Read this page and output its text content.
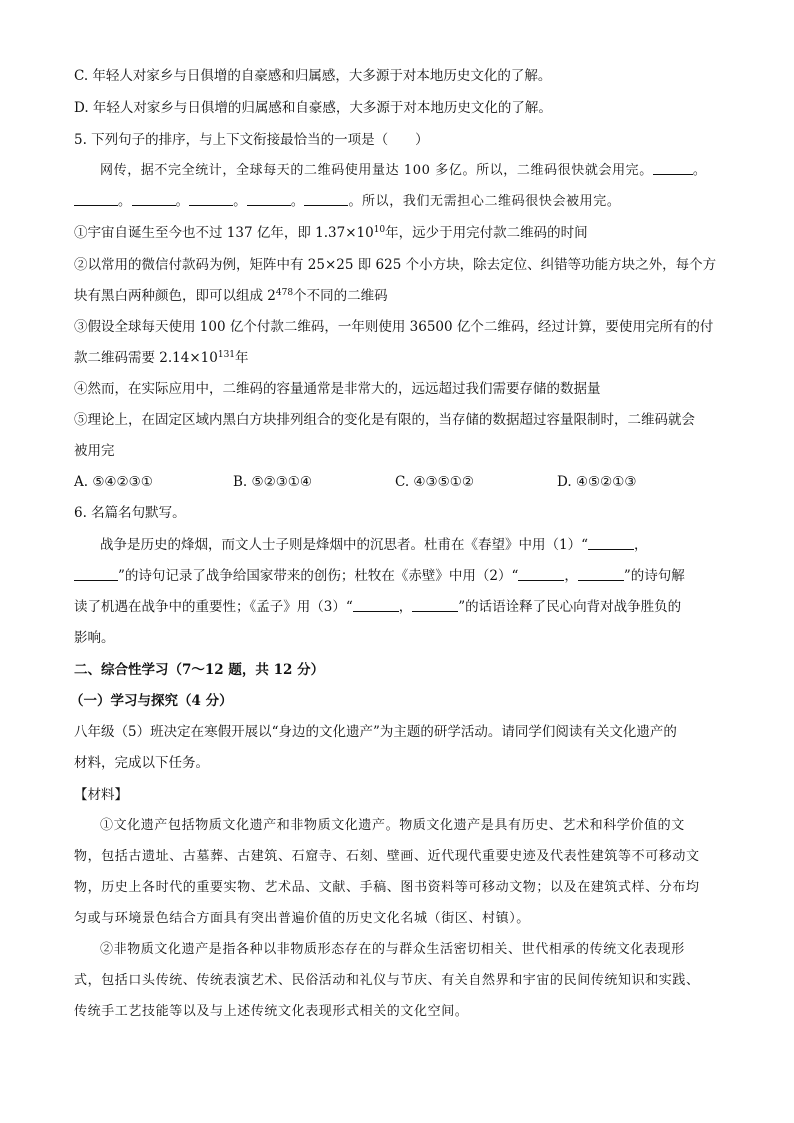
C. 年轻人对家乡与日俱增的自豪感和归属感，大多源于对本地历史文化的了解。
D. 年轻人对家乡与日俱增的归属感和自豪感，大多源于对本地历史文化的了解。
5. 下列句子的排序，与上下文衔接最恰当的一项是（　　）
网传，据不完全统计，全球每天的二维码使用量达 100 多亿。所以，二维码很快就会用完。	。
。	。	。	。	。所以，我们无需担心二维码很快会被用完。
①宇宙自诞生至今也不过 137 亿年，即 $1.37\times 10^{10}$年，远少于用完付款二维码的时间
②以常用的微信付款码为例，矩阵中有 25×25 即 625 个小方块，除去定位、纠错等功能方块之外，每个方
块有黑白两种颜色，即可以组成 $2^{478}$个不同的二维码
③假设全球每天使用 100 亿个付款二维码，一年则使用 36500 亿个二维码，经过计算，要使用完所有的付
款二维码需要 $2.14\times 10^{131}$年
④然而，在实际应用中，二维码的容量通常是非常大的，远远超过我们需要存储的数据量
⑤理论上，在固定区域内黑白方块排列组合的变化是有限的，当存储的数据超过容量限制时，二维码就会
被用完
A. ⑤④②③①	B. ⑤②③①④	C. ④③⑤①②	D. ④⑤②①③
6. 名篇名句默写。
战争是历史的烽烟，而文人士子则是烽烟中的沉思者。杜甫在《春望》中用（1）“	，
”的诗句记录了战争给国家带来的创伤；杜牧在《赤壁》中用（2）“	，	”的诗句解
读了机遇在战争中的重要性；《孟子》用（3）“	，	”的话语诠释了民心向背对战争胜负的
影响。
二、综合性学习（7～12 题，共 12 分）
（一）学习与探究（4 分）
八年级（5）班决定在寒假开展以“身边的文化遗产”为主题的研学活动。请同学们阅读有关文化遗产的
材料，完成以下任务。
【材料】
①文化遗产包括物质文化遗产和非物质文化遗产。物质文化遗产是具有历史、艺术和科学价值的文
物，包括古遗址、古墓葬、古建筑、石窟寺、石刻、壁画、近代现代重要史迹及代表性建筑等不可移动文
物，历史上各时代的重要实物、艺术品、文献、手稿、图书资料等可移动文物；以及在建筑式样、分布均
匀或与环境景色结合方面具有突出普遍价值的历史文化名城（街区、村镇）。
②非物质文化遗产是指各种以非物质形态存在的与群众生活密切相关、世代相承的传统文化表现形
式，包括口头传统、传统表演艺术、民俗活动和礼仪与节庆、有关自然界和宇宙的民间传统知识和实践、
传统手工艺技能等以及与上述传统文化表现形式相关的文化空间。
